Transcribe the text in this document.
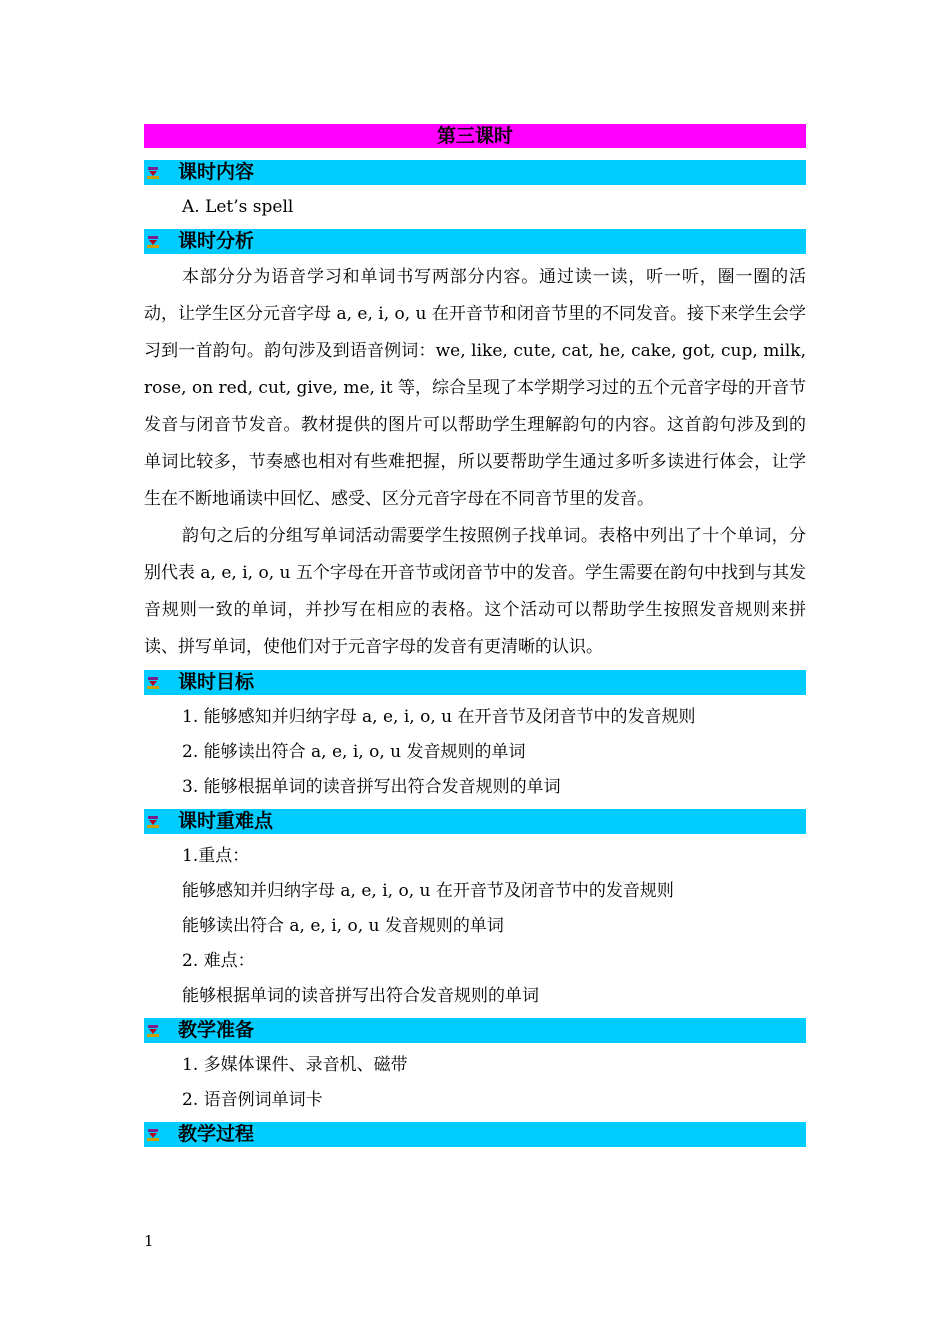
第三课时
课时内容

A. Let’s spell

课时分析

本部分分为语音学习和单词书写两部分内容。通过读一读，听一听，圈一圈的活动，让学生区分元音字母 a, e, i, o, u 在开音节和闭音节里的不同发音。接下来学生会学习到一首韵句。韵句涉及到语音例词：we, like, cute, cat, he, cake, got, cup, milk, rose, on red, cut, give, me, it 等，综合呈现了本学期学习过的五个元音字母的开音节发音与闭音节发音。教材提供的图片可以帮助学生理解韵句的内容。这首韵句涉及到的单词比较多，节奏感也相对有些难把握，所以要帮助学生通过多听多读进行体会，让学生在不断地诵读中回忆、感受、区分元音字母在不同音节里的发音。

韵句之后的分组写单词活动需要学生按照例子找单词。表格中列出了十个单词，分别代表 a, e, i, o, u 五个字母在开音节或闭音节中的发音。学生需要在韵句中找到与其发音规则一致的单词，并抄写在相应的表格。这个活动可以帮助学生按照发音规则来拼读、拼写单词，使他们对于元音字母的发音有更清晰的认识。

课时目标

1. 能够感知并归纳字母 a, e, i, o, u 在开音节及闭音节中的发音规则

2. 能够读出符合 a, e, i, o, u 发音规则的单词

3. 能够根据单词的读音拼写出符合发音规则的单词

课时重难点

1.重点：

能够感知并归纳字母 a, e, i, o, u 在开音节及闭音节中的发音规则

能够读出符合 a, e, i, o, u 发音规则的单词

2. 难点：

能够根据单词的读音拼写出符合发音规则的单词

教学准备

1. 多媒体课件、录音机、磁带

2. 语音例词单词卡

教学过程
1
